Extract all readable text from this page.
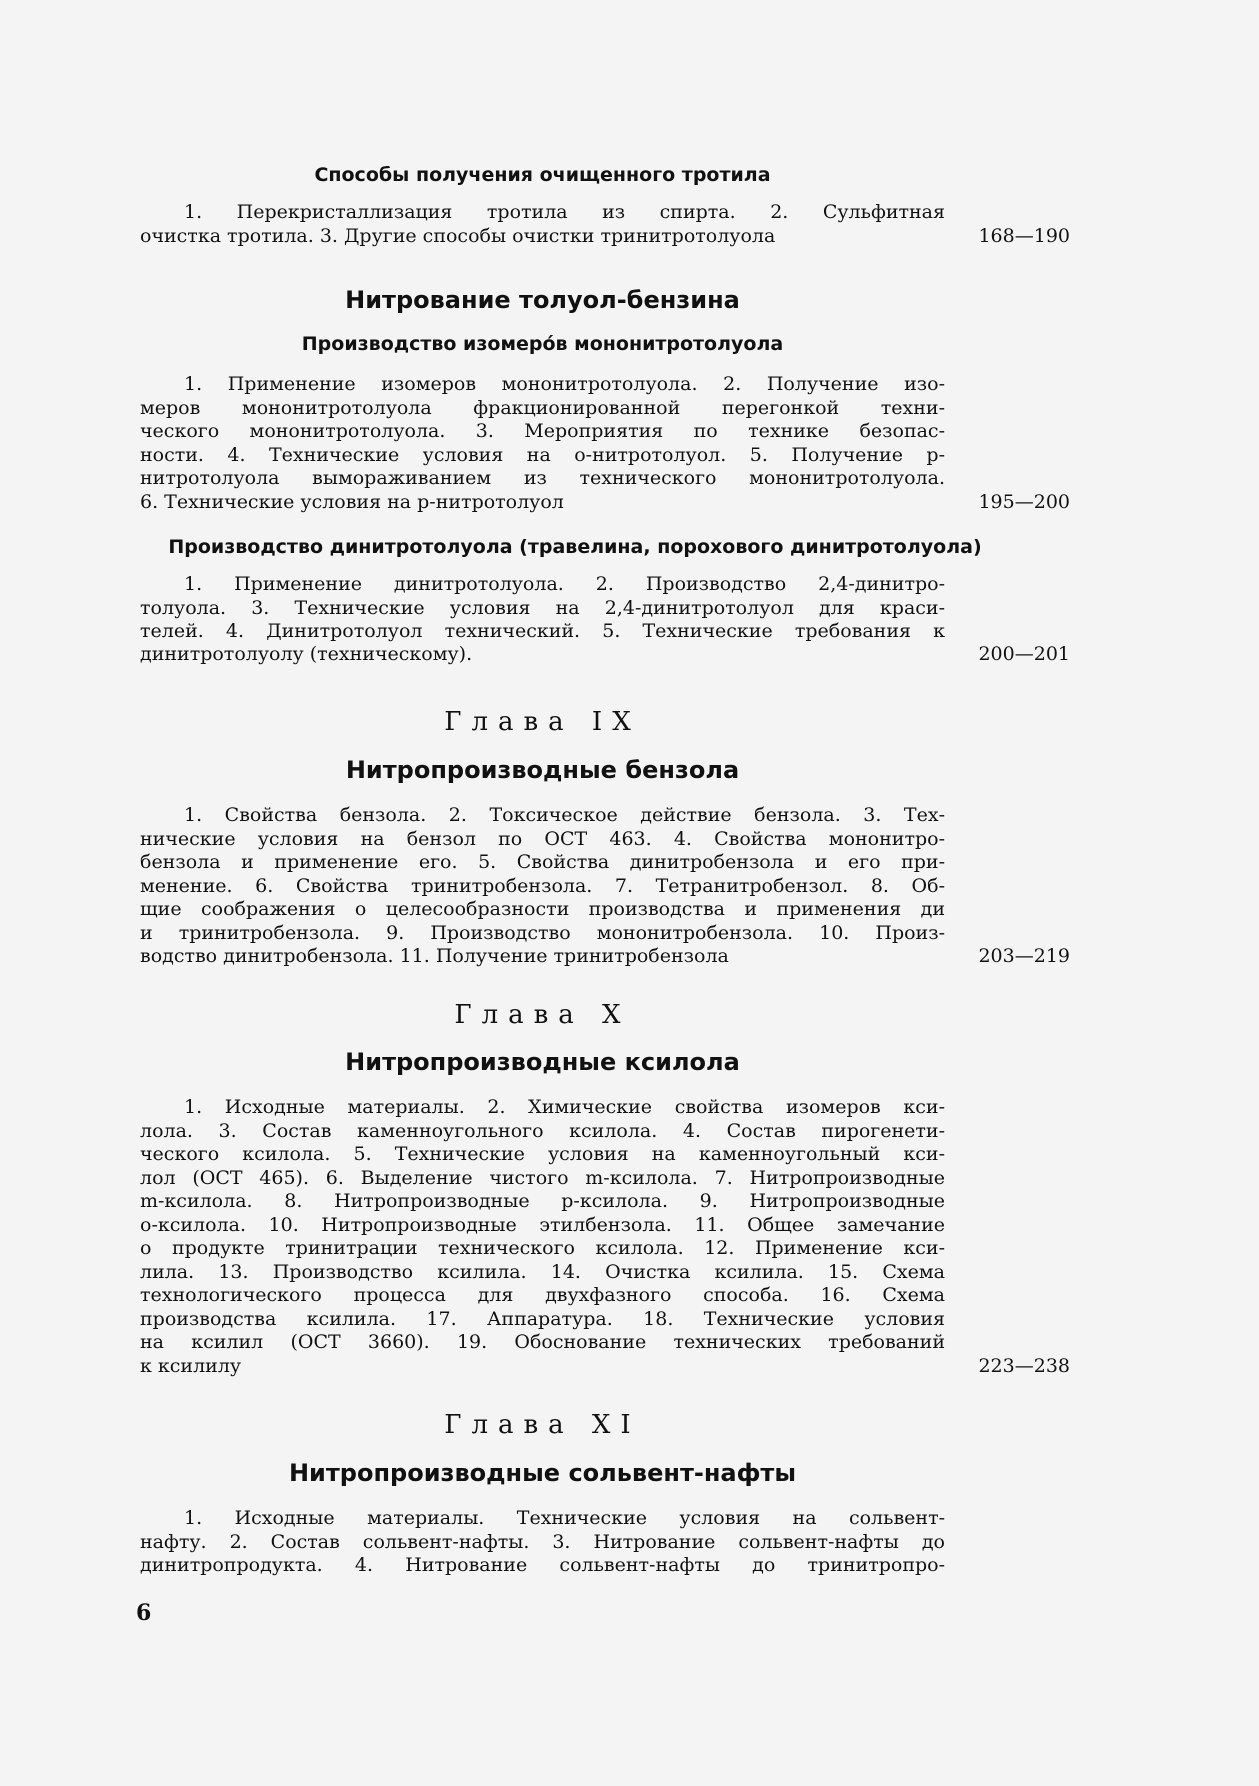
Способы получения очищенного тротила
1. Перекристаллизация тротила из спирта. 2. Сульфитная
очистка тротила. 3. Другие способы очистки тринитротолуола	168—190
Нитрование толуол-бензина
Производство изомерóв мононитротолуола
1. Применение изомеров мононитротолуола. 2. Получение изо-
меров мононитротолуола фракционированной перегонкой техни-
ческого мононитротолуола. 3. Мероприятия по технике безопас-
ности. 4. Технические условия на о-нитротолуол. 5. Получение р-
нитротолуола вымораживанием из технического мононитротолуола.
6. Технические условия на р-нитротолуол	195—200
Производство динитротолуола (травелина, порохового динитротолуола)
1. Применение динитротолуола. 2. Производство 2,4-динитро-
толуола. 3. Технические условия на 2,4-динитротолуол для краси-
телей. 4. Динитротолуол технический. 5. Технические требования к
динитротолуолу (техническому).	200—201
Глава IX
Нитропроизводные бензола
1. Свойства бензола. 2. Токсическое действие бензола. 3. Тех-
нические условия на бензол по ОСТ 463. 4. Свойства мононитро-
бензола и применение его. 5. Свойства динитробензола и его при-
менение. 6. Свойства тринитробензола. 7. Тетранитробензол. 8. Об-
щие соображения о целесообразности производства и применения ди
и тринитробензола. 9. Производство мононитробензола. 10. Произ-
водство динитробензола. 11. Получение тринитробензола	203—219
Глава X
Нитропроизводные ксилола
1. Исходные материалы. 2. Химические свойства изомеров кси-
лола. 3. Состав каменноугольного ксилола. 4. Состав пирогенети-
ческого ксилола. 5. Технические условия на каменноугольный кси-
лол (ОСТ 465). 6. Выделение чистого m-ксилола. 7. Нитропроизводные
m-ксилола. 8. Нитропроизводные р-ксилола. 9. Нитропроизводные
о-ксилола. 10. Нитропроизводные этилбензола. 11. Общее замечание
о продукте тринитрации технического ксилола. 12. Применение кси-
лила. 13. Производство ксилила. 14. Очистка ксилила. 15. Схема
технологического процесса для двухфазного способа. 16. Схема
производства ксилила. 17. Аппаратура. 18. Технические условия
на ксилил (ОСТ 3660). 19. Обоснование технических требований
к ксилилу	223—238
Глава XI
Нитропроизводные сольвент-нафты
1. Исходные материалы. Технические условия на сольвент-
нафту. 2. Состав сольвент-нафты. 3. Нитрование сольвент-нафты до
динитропродукта. 4. Нитрование сольвент-нафты до тринитропро-
6
